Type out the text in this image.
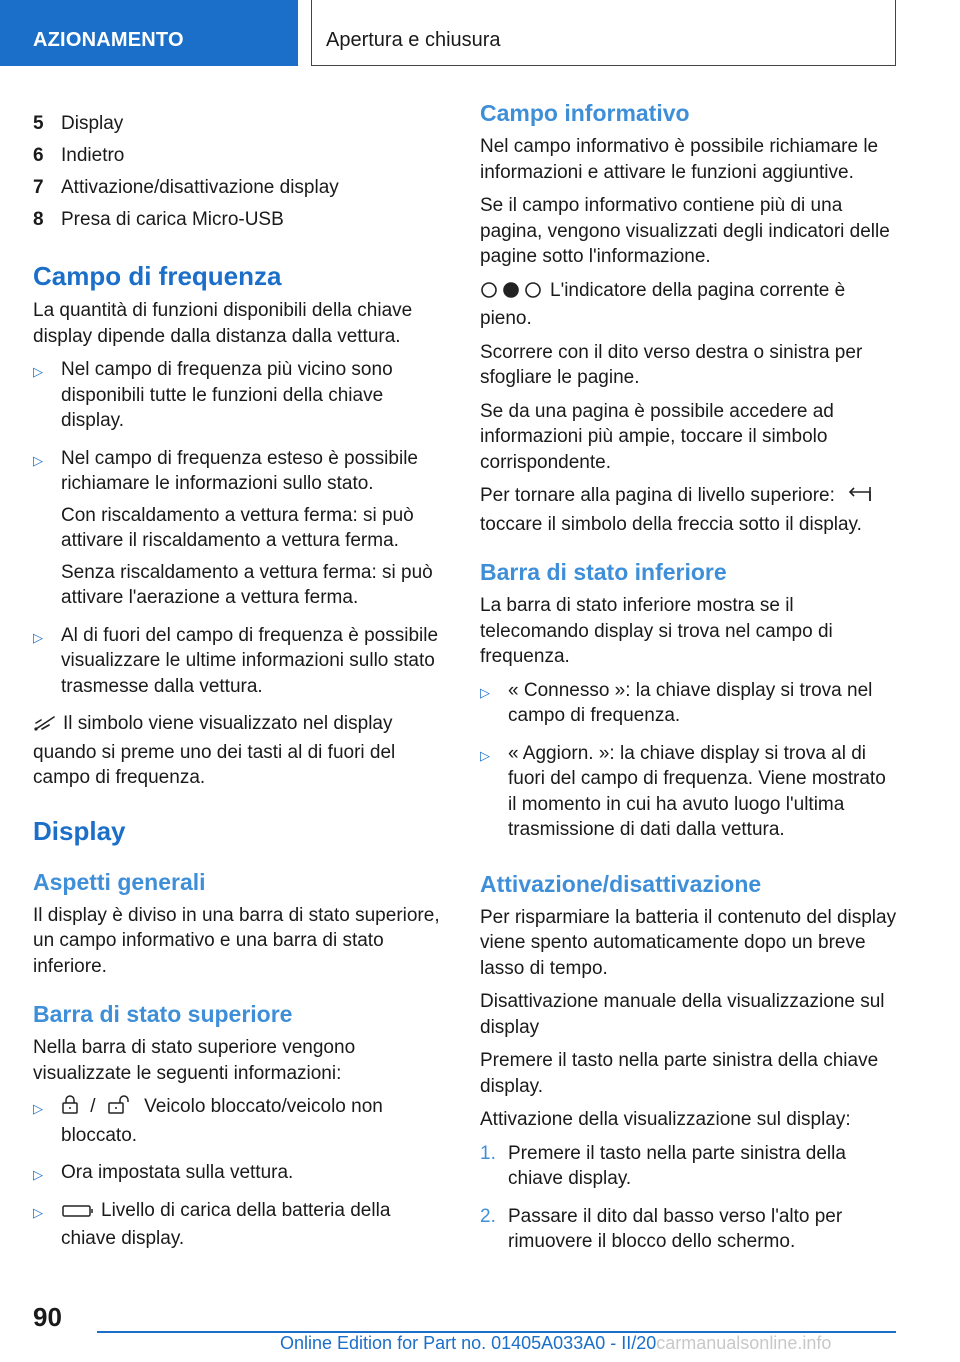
AZIONAMENTO	Apertura e chiusura
5 Display
6 Indietro
7 Attivazione/disattivazione display
8 Presa di carica Micro-USB
Campo di frequenza

La quantità di funzioni disponibili della chiave display dipende dalla distanza dalla vettura.

▷ Nel campo di frequenza più vicino sono disponibili tutte le funzioni della chiave display.

▷ Nel campo di frequenza esteso è possibile richiamare le informazioni sullo stato.

Con riscaldamento a vettura ferma: si può attivare il riscaldamento a vettura ferma.

Senza riscaldamento a vettura ferma: si può attivare l'aerazione a vettura ferma.

▷ Al di fuori del campo di frequenza è possibile visualizzare le ultime informazioni sullo stato trasmesse dalla vettura.

Il simbolo viene visualizzato nel display quando si preme uno dei tasti al di fuori del campo di frequenza.

Display
Aspetti generali

Il display è diviso in una barra di stato superiore, un campo informativo e una barra di stato inferiore.

Barra di stato superiore

Nella barra di stato superiore vengono visualizzate le seguenti informazioni:

▷	/	Veicolo bloccato/veicolo non bloccato.

▷ Ora impostata sulla vettura.

▷	Livello di carica della batteria della chiave display.

Campo informativo

Nel campo informativo è possibile richiamare le informazioni e attivare le funzioni aggiuntive.

Se il campo informativo contiene più di una pagina, vengono visualizzati degli indicatori delle pagine sotto l'informazione.

L'indicatore della pagina corrente è pieno.

Scorrere con il dito verso destra o sinistra per sfogliare le pagine.

Se da una pagina è possibile accedere ad informazioni più ampie, toccare il simbolo corrispondente.

Per tornare alla pagina di livello superiore:
toccare il simbolo della freccia sotto il display.

Barra di stato inferiore

La barra di stato inferiore mostra se il telecomando display si trova nel campo di frequenza.

▷ « Connesso »: la chiave display si trova nel campo di frequenza.

▷ « Aggiorn. »: la chiave display si trova al di fuori del campo di frequenza. Viene mostrato il momento in cui ha avuto luogo l'ultima trasmissione di dati dalla vettura.

Attivazione/disattivazione

Per risparmiare la batteria il contenuto del display viene spento automaticamente dopo un breve lasso di tempo.

Disattivazione manuale della visualizzazione sul display

Premere il tasto nella parte sinistra della chiave display.

Attivazione della visualizzazione sul display:

1. Premere il tasto nella parte sinistra della chiave display.

2. Passare il dito dal basso verso l'alto per rimuovere il blocco dello schermo.

90
Online Edition for Part no. 01405A033A0 - II/20carmanualsonline.info
